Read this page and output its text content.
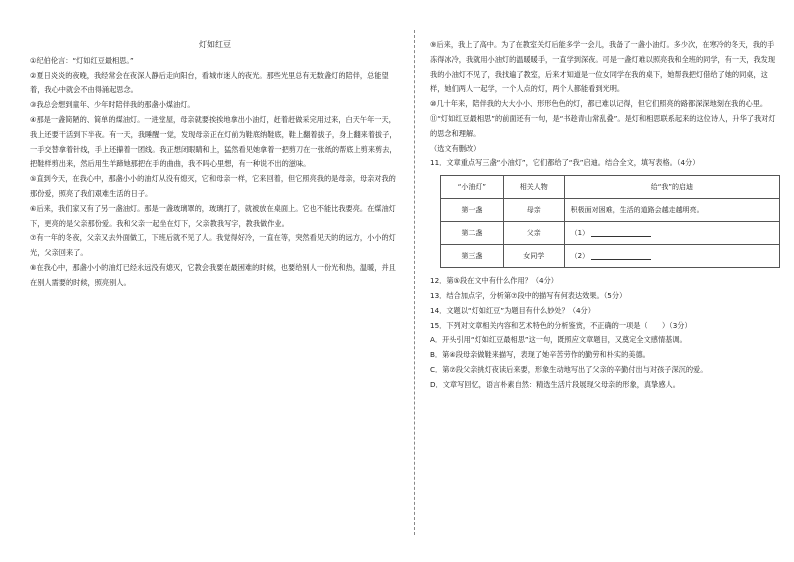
灯如红豆

①纪伯伦言：“灯如红豆最相思。”

②夏日炎炎的夜晚，我经常会在夜深人静后走向阳台，看城市迷人的夜光。那些光里总有无数盏灯的陪伴，总能望着，我心中就会不由得涌起思念。

③我总会想到童年、少年时陪伴我的那盏小煤油灯。

④那是一盏简陋的、简单的煤油灯。一进堂屋，母亲就要挨挨地拿出小油灯，赶着赶做采完用过来，白天午年一天，我上还要干活到下半夜。有一天，我睡醒一觉，发现母亲正在灯前为鞋底纳鞋底，鞋上翻着拔子，身上翻来着拔子，一手交替拿着针线，手上还攥着一团线。我正想闭眼睛和上，猛然看见她拿着一把剪刀在一张纸的帮底上剪来剪去，把鞋样剪出来，然后用生羊蹄她那把在手的曲曲，我不吗心里想，有一种说不出的滋味。

⑤直到今天，在我心中，那盏小小的油灯从没有熄灭，它和母亲一样，它来回着，但它照亮我的是母亲，母亲对我的那份爱，照亮了我们艰难生活的日子。

⑥后来，我们家又有了另一盏油灯。那是一盏玻璃罩的，玻璃打了，就被放在桌面上。它也不能比我要亮。在煤油灯下，更亮的是父亲那份爱。我和父亲一起坐在灯下，父亲教我写字，教我做作业。

⑦有一年的冬夜，父亲又去外面做工，下班后就不见了人。我觉得好冷，一直在等，突然看见天的的远方，小小的灯光，父亲回来了。

⑧在我心中，那盏小小的油灯已经永远没有熄灭，它教会我要在最困难的时候，也要给别人一份光和热，温暖，并且在别人需要的时候，照亮别人。

⑨后来，我上了高中。为了在教室关灯后能多学一会儿，我备了一盏小油灯。多少次，在寒冷的冬天，我的手冻得冰冷，我就用小油灯的温暖暖手，一直学到深夜。可是一盏灯难以照亮我和全班的同学，有一天，我发现我的小油灯不见了，我找遍了教室，后来才知道是一位女同学在我的桌下，她帮我把灯借给了她的同桌，这样，她们两人一起学，一个人点的灯，两个人都能看到光明。

⑩几十年来，陪伴我的大大小小、形形色色的灯，都已难以记得，但它们照亮的路都深深地刻在我的心里。

⑪“灯如红豆最相思”的前面还有一句，是“书趁青山常乱叠”。是灯和相思联系起来的这位诗人，升华了我对灯的思念和理解。

（选文有删改）

11．文章重点写三盏“小油灯”，它们都给了“我”启迪。结合全文，填写表格。（4分）

“小油灯”	相关人物	给“我”的启迪
第一盏	母亲	积极面对困难，生活的道路会越走越明亮。
第二盏	父亲	（1）
第三盏	女同学	（2）

12．第⑤段在文中有什么作用？（4分）

13．结合加点字，分析第⑦段中的描写有何表达效果。（5分）

14．文题以“灯如红豆”为题目有什么妙处？（4分）

15．下列对文章相关内容和艺术特色的分析鉴赏，不正确的一项是（　　）（3分）

A．开头引用“灯如红豆最相思”这一句，既照应文章题目，又奠定全文感情基调。

B．第④段母亲做鞋来描写，表现了她辛苦劳作的勤劳和朴实的美德。

C．第⑦段父亲挑灯夜读后来要，形象生动地写出了父亲的辛勤付出与对孩子深沉的爱。

D．文章写回忆，语言朴素自然：精选生活片段展现父母亲的形象，真挚感人。
